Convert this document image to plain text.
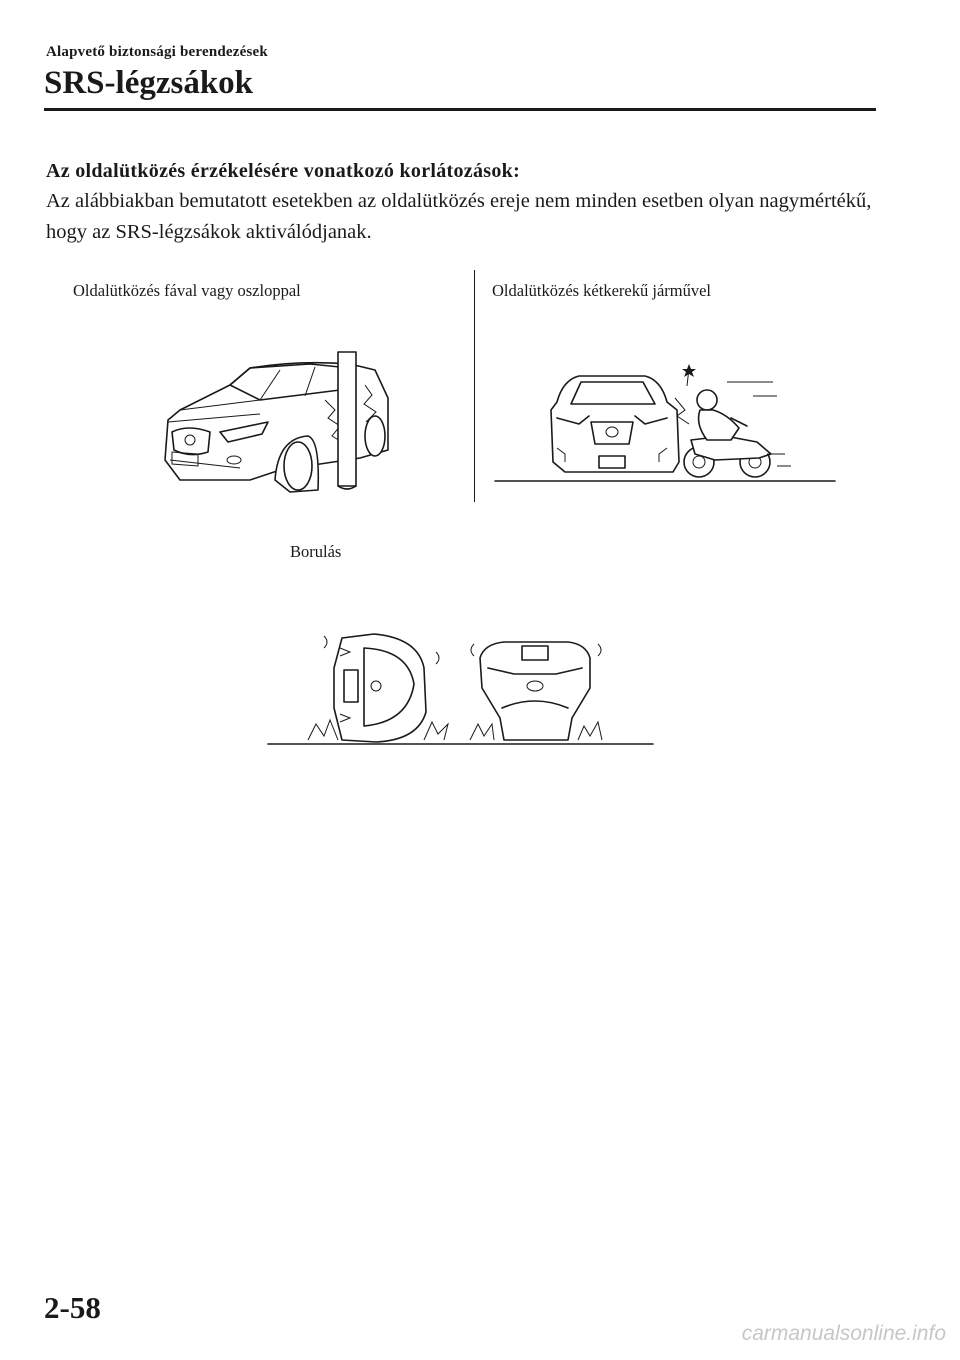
Alapvető biztonsági berendezések
SRS-légzsákok
Az oldalütközés érzékelésére vonatkozó korlátozások:

Az alábbiakban bemutatott esetekben az oldalütközés ereje nem minden esetben olyan nagymértékű, hogy az SRS-légzsákok aktiválódjanak.

Oldalütközés fával vagy oszloppal	Oldalütközés kétkerekű járművel
Borulás
2-58
carmanualsonline.info
